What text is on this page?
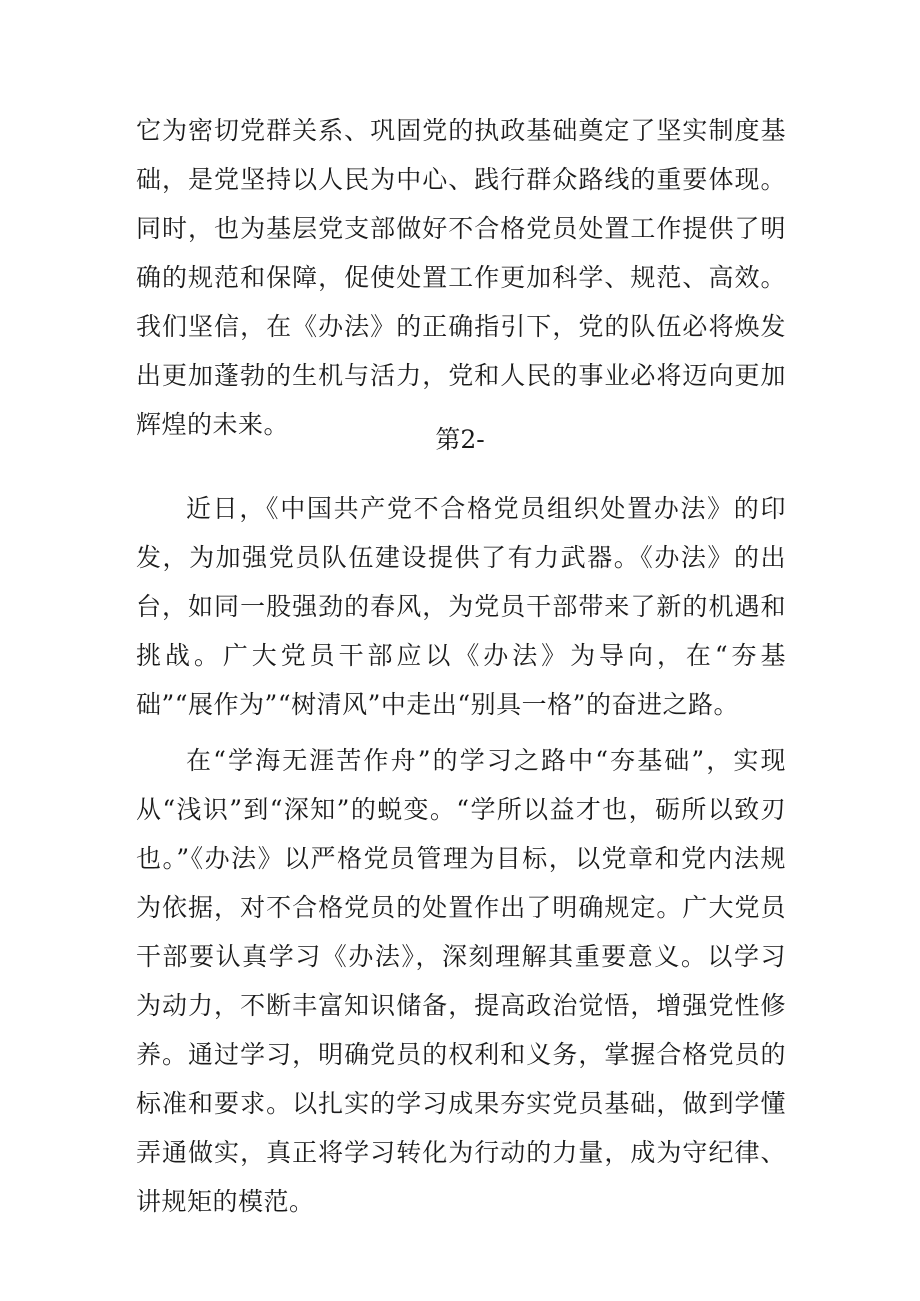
它为密切党群关系、巩固党的执政基础奠定了坚实制度基础，是党坚持以人民为中心、践行群众路线的重要体现。同时，也为基层党支部做好不合格党员处置工作提供了明确的规范和保障，促使处置工作更加科学、规范、高效。我们坚信，在《办法》的正确指引下，党的队伍必将焕发出更加蓬勃的生机与活力，党和人民的事业必将迈向更加辉煌的未来。

第2-

近日，《中国共产党不合格党员组织处置办法》的印发，为加强党员队伍建设提供了有力武器。《办法》的出台，如同一股强劲的春风，为党员干部带来了新的机遇和挑战。广大党员干部应以《办法》为导向，在“夯基础”“展作为”“树清风”中走出“别具一格”的奋进之路。

在“学海无涯苦作舟”的学习之路中“夯基础”，实现从“浅识”到“深知”的蜕变。“学所以益才也，砺所以致刃也。”《办法》以严格党员管理为目标，以党章和党内法规为依据，对不合格党员的处置作出了明确规定。广大党员干部要认真学习《办法》，深刻理解其重要意义。以学习为动力，不断丰富知识储备，提高政治觉悟，增强党性修养。通过学习，明确党员的权利和义务，掌握合格党员的标准和要求。以扎实的学习成果夯实党员基础，做到学懂弄通做实，真正将学习转化为行动的力量，成为守纪律、讲规矩的模范。
